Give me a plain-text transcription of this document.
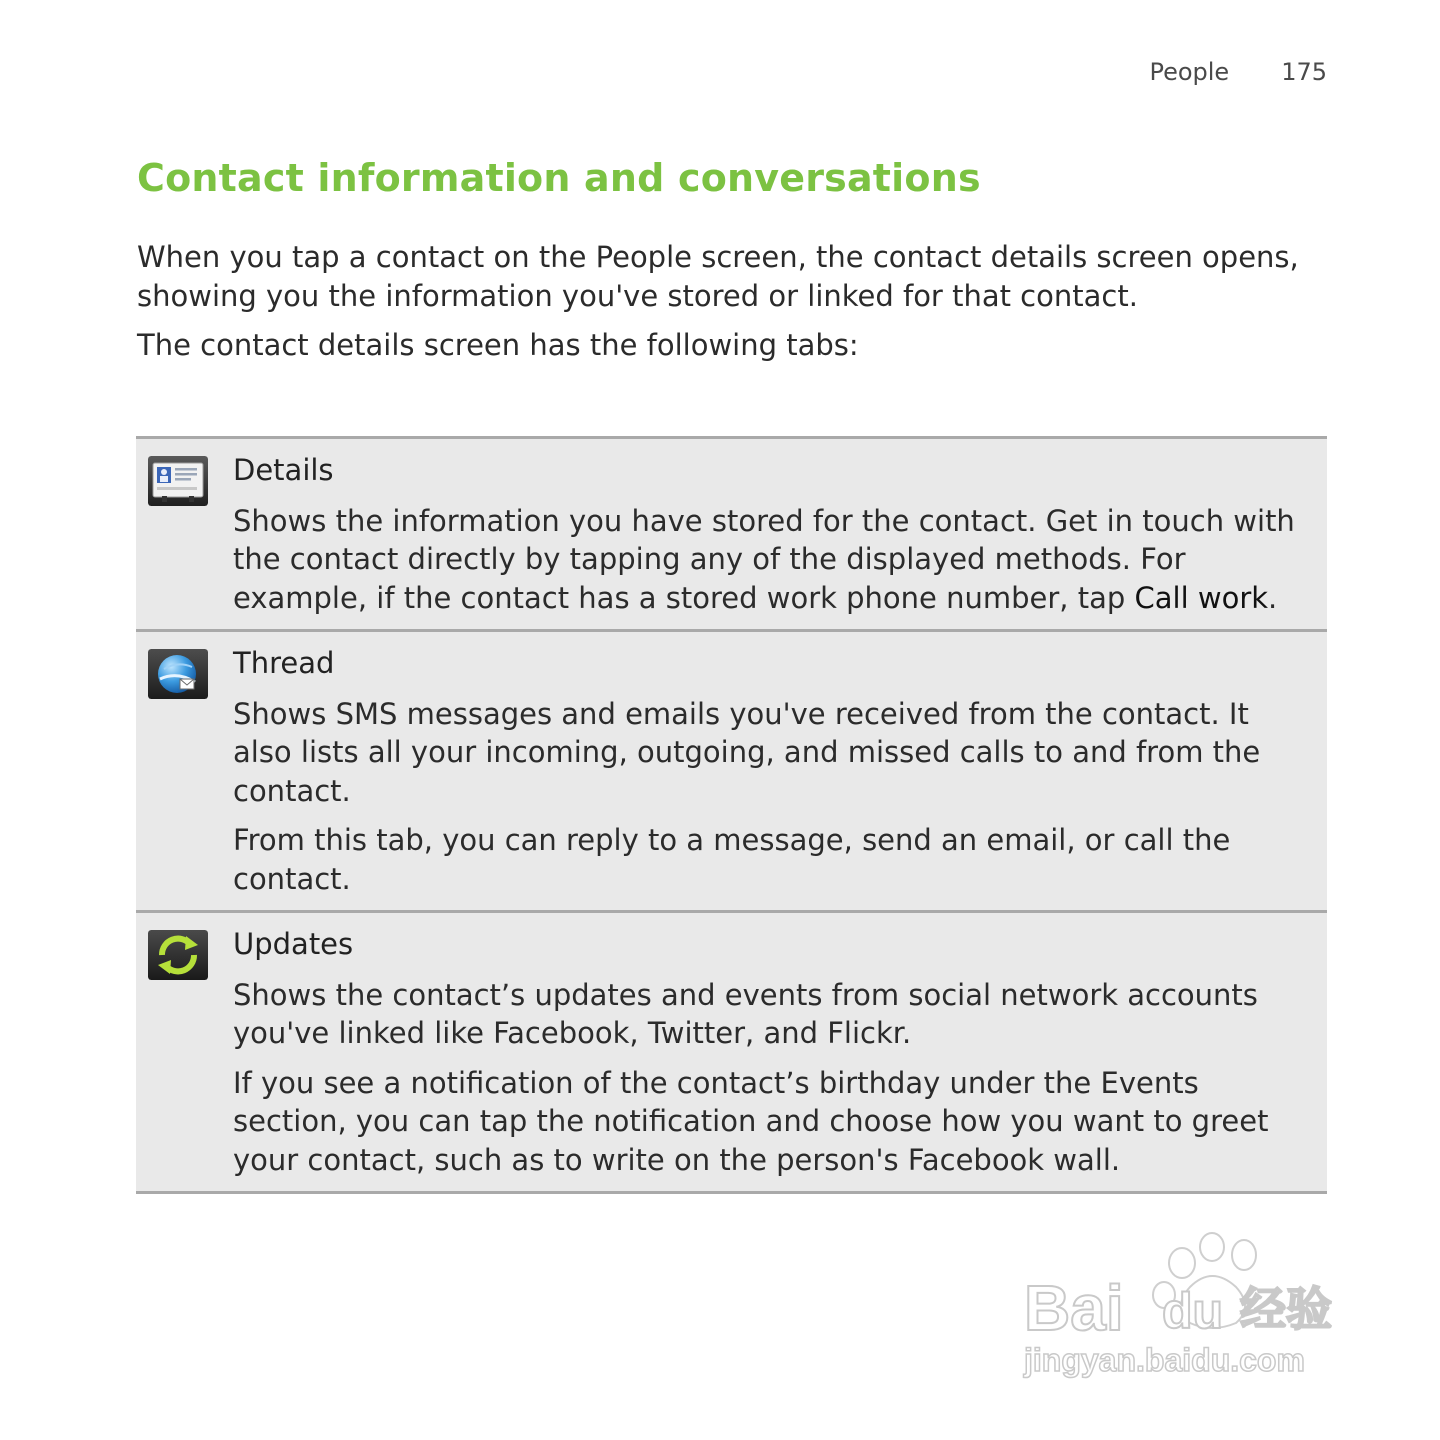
People 175
Contact information and conversations

When you tap a contact on the People screen, the contact details screen opens, showing you the information you've stored or linked for that contact.

The contact details screen has the following tabs:

Details

Shows the information you have stored for the contact. Get in touch with the contact directly by tapping any of the displayed methods. For example, if the contact has a stored work phone number, tap Call work.

Thread

Shows SMS messages and emails you've received from the contact. It also lists all your incoming, outgoing, and missed calls to and from the contact.

From this tab, you can reply to a message, send an email, or call the contact.

Updates

Shows the contact’s updates and events from social network accounts you've linked like Facebook, Twitter, and Flickr.

If you see a notification of the contact’s birthday under the Events section, you can tap the notification and choose how you want to greet your contact, such as to write on the person's Facebook wall.

Bai du 经验
jingyan.baidu.com
